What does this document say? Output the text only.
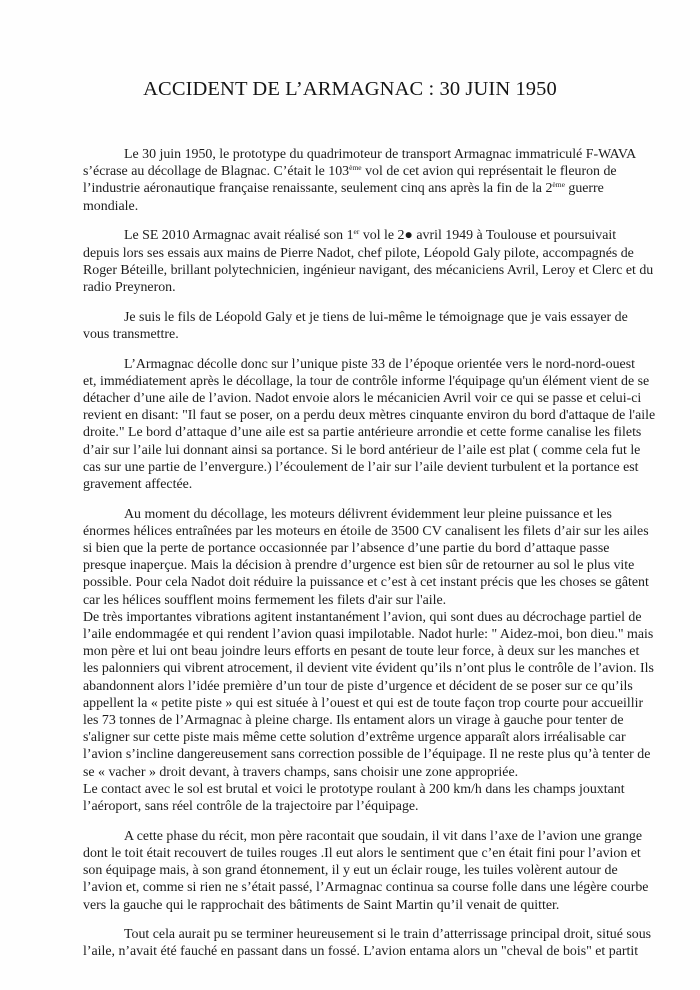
ACCIDENT DE L’ARMAGNAC : 30 JUIN 1950
Le 30 juin 1950, le prototype du quadrimoteur de transport Armagnac immatriculé F-WAVA
s’écrase au décollage de Blagnac. C’était le 103ème vol de cet avion qui représentait le fleuron de
l’industrie aéronautique française renaissante, seulement cinq ans après la fin de la 2ème guerre
mondiale.
Le SE 2010 Armagnac avait réalisé son 1er vol le 2● avril 1949 à Toulouse et poursuivait
depuis lors ses essais aux mains de Pierre Nadot, chef pilote, Léopold Galy pilote, accompagnés de
Roger Béteille, brillant polytechnicien, ingénieur navigant, des mécaniciens Avril, Leroy et Clerc et du
radio Preyneron.
Je suis le fils de Léopold Galy et je tiens de lui-même le témoignage que je vais essayer de
vous transmettre.
L’Armagnac décolle donc sur l’unique piste 33 de l’époque orientée vers le nord-nord-ouest
et, immédiatement après le décollage, la tour de contrôle informe l'équipage qu'un élément vient de se
détacher d’une aile de l’avion. Nadot envoie alors le mécanicien Avril voir ce qui se passe et celui-ci
revient en disant: "Il faut se poser, on a perdu deux mètres cinquante environ du bord d'attaque de l'aile
droite." Le bord d’attaque d’une aile est sa partie antérieure arrondie et cette forme canalise les filets
d’air sur l’aile lui donnant ainsi sa portance. Si le bord antérieur de l’aile est plat ( comme cela fut le
cas sur une partie de l’envergure.) l’écoulement de l’air sur l’aile devient turbulent et la portance est
gravement affectée.
Au moment du décollage, les moteurs délivrent évidemment leur pleine puissance et les
énormes hélices entraînées par les moteurs en étoile de 3500 CV canalisent les filets d’air sur les ailes
si bien que la perte de portance occasionnée par l’absence d’une partie du bord d’attaque passe
presque inaperçue. Mais la décision à prendre d’urgence est bien sûr de retourner au sol le plus vite
possible. Pour cela Nadot doit réduire la puissance et c’est à cet instant précis que les choses se gâtent
car les hélices soufflent moins fermement les filets d'air sur l'aile.
De très importantes vibrations agitent instantanément l’avion, qui sont dues au décrochage partiel de
l’aile endommagée et qui rendent l’avion quasi impilotable. Nadot hurle: " Aidez-moi, bon dieu." mais
mon père et lui ont beau joindre leurs efforts en pesant de toute leur force, à deux sur les manches et
les palonniers qui vibrent atrocement, il devient vite évident qu’ils n’ont plus le contrôle de l’avion. Ils
abandonnent alors l’idée première d’un tour de piste d’urgence et décident de se poser sur ce qu’ils
appellent la « petite piste » qui est située à l’ouest et qui est de toute façon trop courte pour accueillir
les 73 tonnes de l’Armagnac à pleine charge. Ils entament alors un virage à gauche pour tenter de
s'aligner sur cette piste mais même cette solution d’extrême urgence apparaît alors irréalisable car
l’avion s’incline dangereusement sans correction possible de l’équipage. Il ne reste plus qu’à tenter de
se « vacher » droit devant, à travers champs, sans choisir une zone appropriée.
Le contact avec le sol est brutal et voici le prototype roulant à 200 km/h dans les champs jouxtant
l’aéroport, sans réel contrôle de la trajectoire par l’équipage.
A cette phase du récit, mon père racontait que soudain, il vit dans l’axe de l’avion une grange
dont le toit était recouvert de tuiles rouges .Il eut alors le sentiment que c’en était fini pour l’avion et
son équipage mais, à son grand étonnement, il y eut un éclair rouge, les tuiles volèrent autour de
l’avion et, comme si rien ne s’était passé, l’Armagnac continua sa course folle dans une légère courbe
vers la gauche qui le rapprochait des bâtiments de Saint Martin qu’il venait de quitter.
Tout cela aurait pu se terminer heureusement si le train d’atterrissage principal droit, situé sous
l’aile, n’avait été fauché en passant dans un fossé. L’avion entama alors un "cheval de bois" et partit
